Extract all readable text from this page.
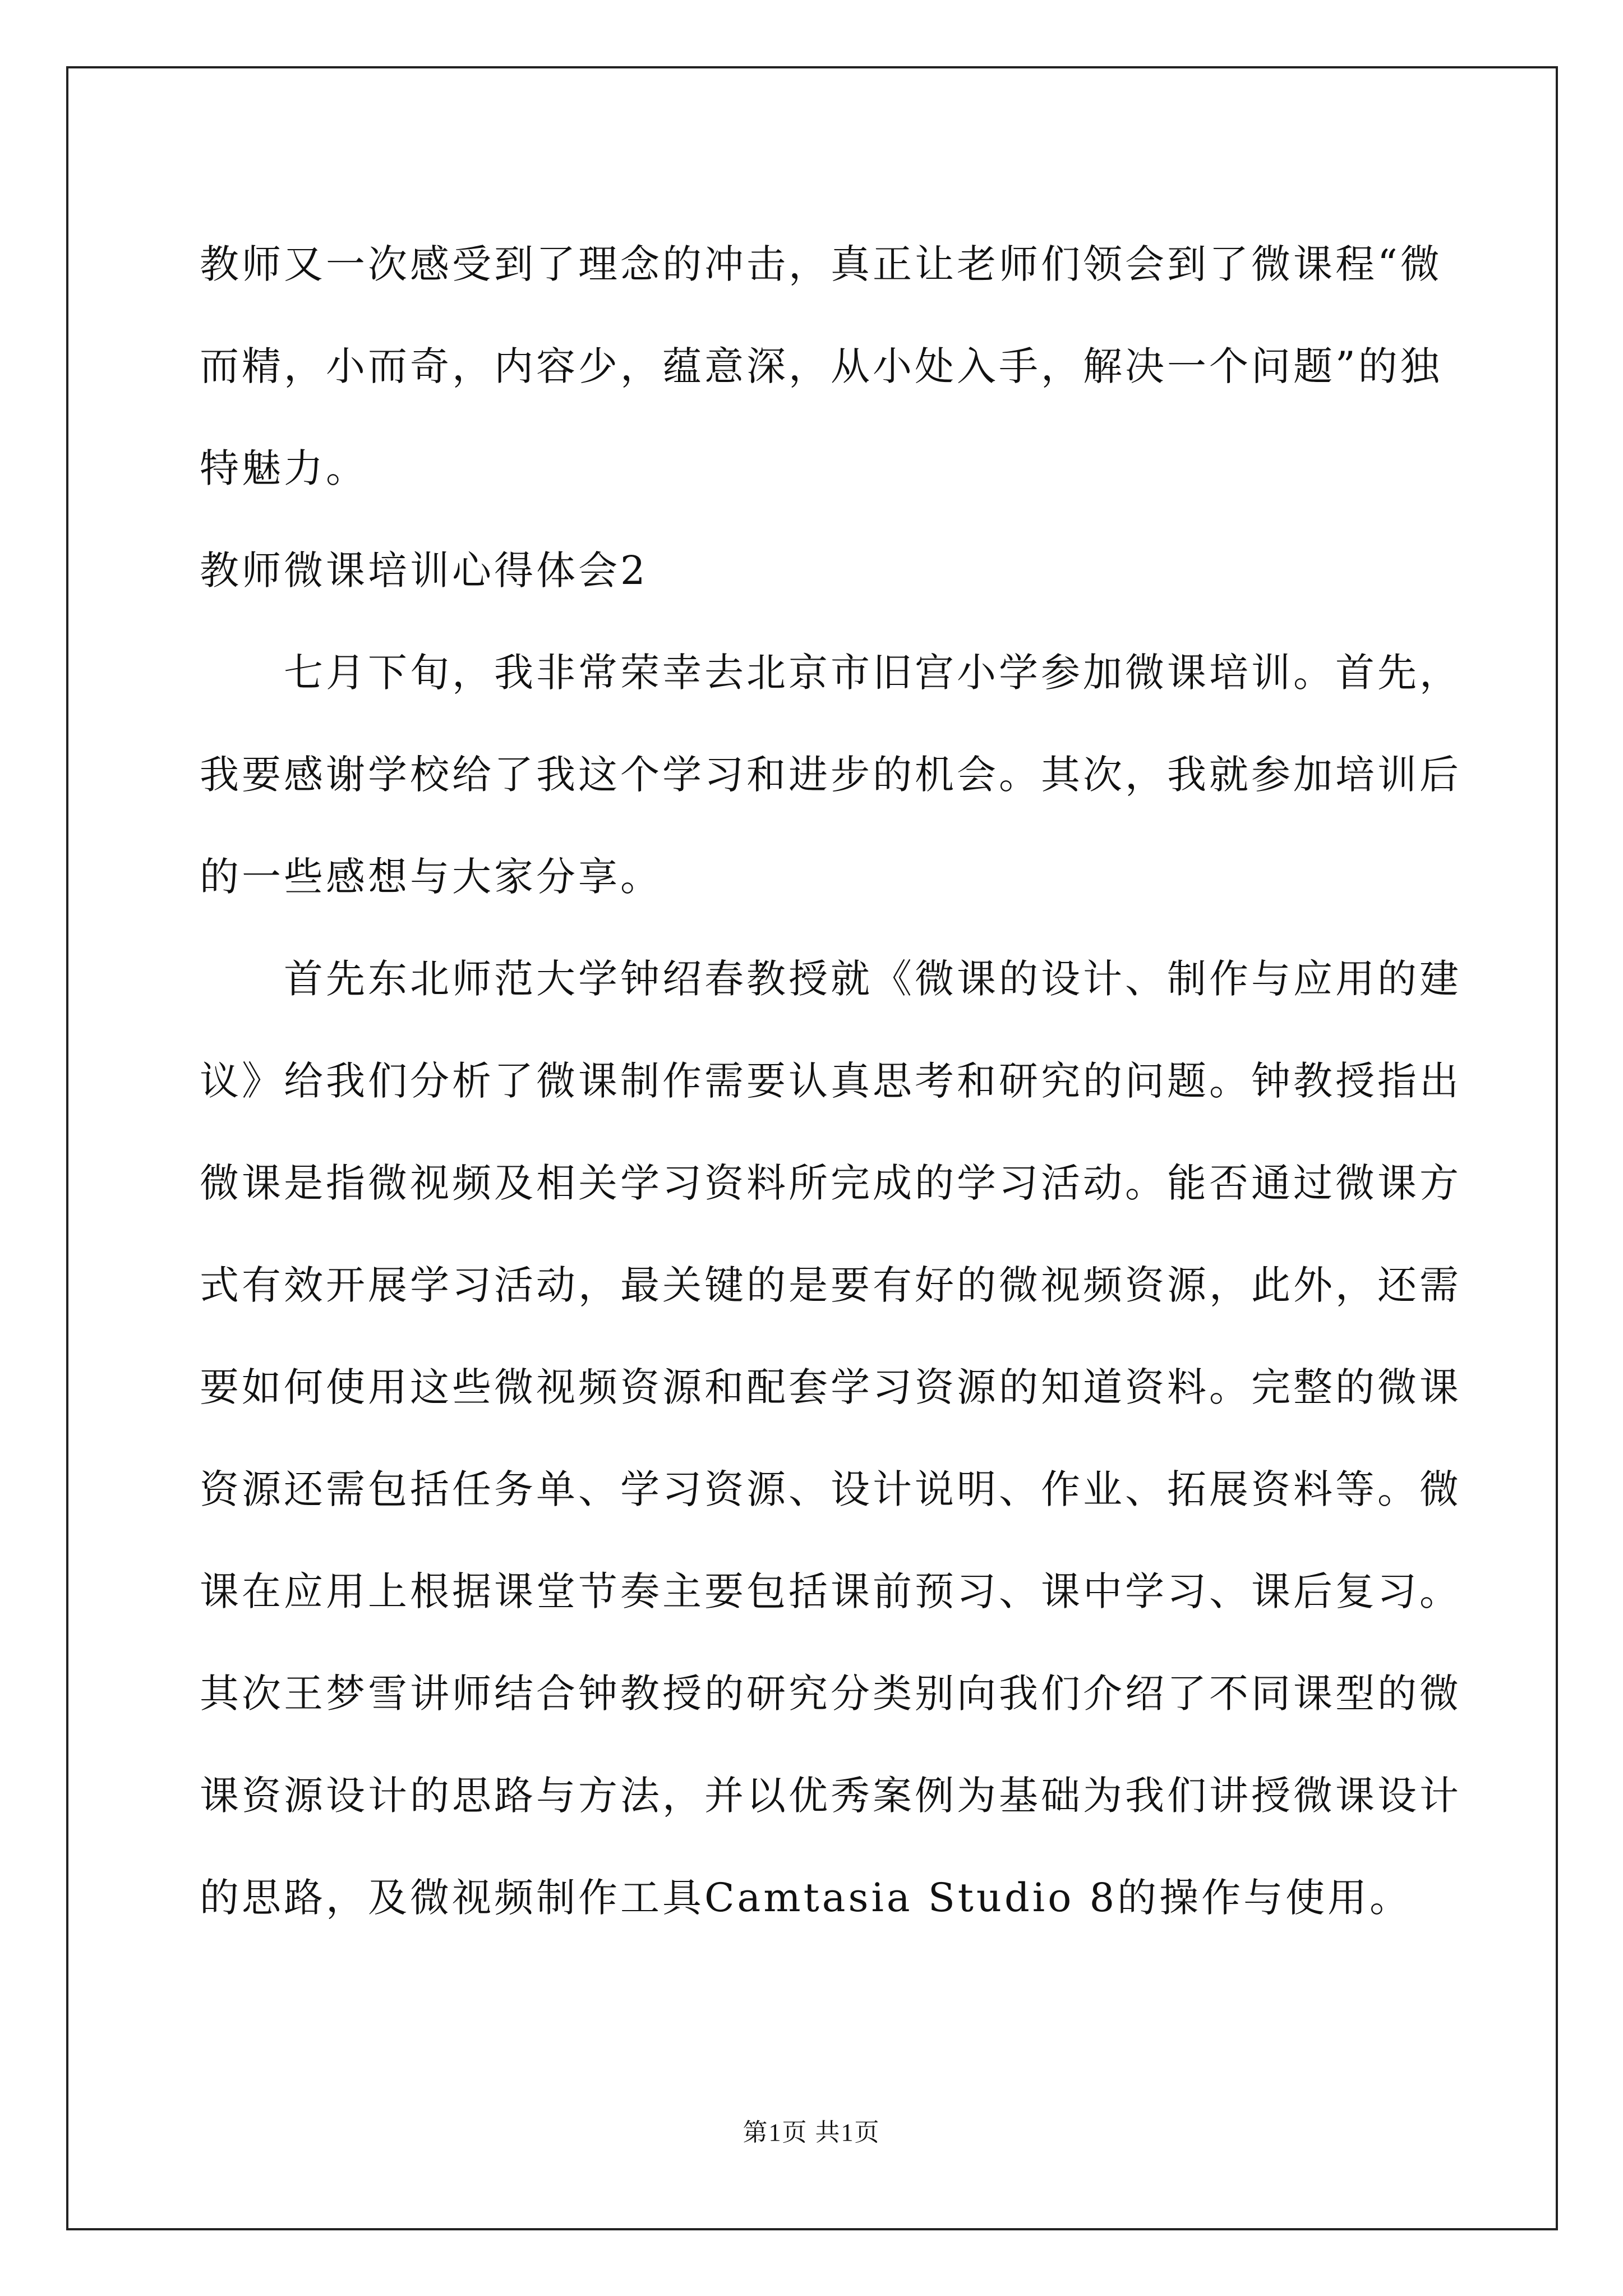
教师又一次感受到了理念的冲击，真正让老师们领会到了微课程“微
而精，小而奇，内容少，蕴意深，从小处入手，解决一个问题”的独
特魅力。
教师微课培训心得体会2
七月下旬，我非常荣幸去北京市旧宫小学参加微课培训。首先，
我要感谢学校给了我这个学习和进步的机会。其次，我就参加培训后
的一些感想与大家分享。
首先东北师范大学钟绍春教授就《微课的设计、制作与应用的建
议》给我们分析了微课制作需要认真思考和研究的问题。钟教授指出
微课是指微视频及相关学习资料所完成的学习活动。能否通过微课方
式有效开展学习活动，最关键的是要有好的微视频资源，此外，还需
要如何使用这些微视频资源和配套学习资源的知道资料。完整的微课
资源还需包括任务单、学习资源、设计说明、作业、拓展资料等。微
课在应用上根据课堂节奏主要包括课前预习、课中学习、课后复习。
其次王梦雪讲师结合钟教授的研究分类别向我们介绍了不同课型的微
课资源设计的思路与方法，并以优秀案例为基础为我们讲授微课设计
的思路，及微视频制作工具Camtasia Studio 8的操作与使用。
第1页 共1页
